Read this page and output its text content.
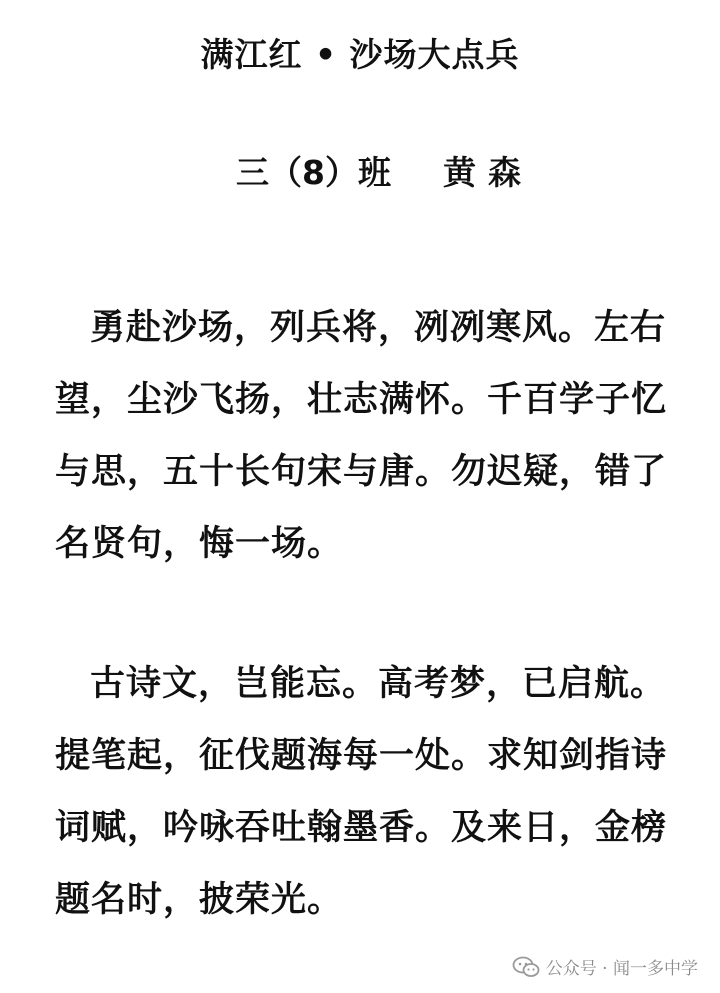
满江红 • 沙场大点兵
三（8）班 黄森
勇赴沙场，列兵将，冽冽寒风。左右望，尘沙飞扬，壮志满怀。千百学子忆与思，五十长句宋与唐。勿迟疑，错了名贤句，悔一场。
古诗文，岂能忘。高考梦，已启航。提笔起，征伐题海每一处。求知剑指诗词赋，吟咏吞吐翰墨香。及来日，金榜题名时，披荣光。
公众号 · 闻一多中学
